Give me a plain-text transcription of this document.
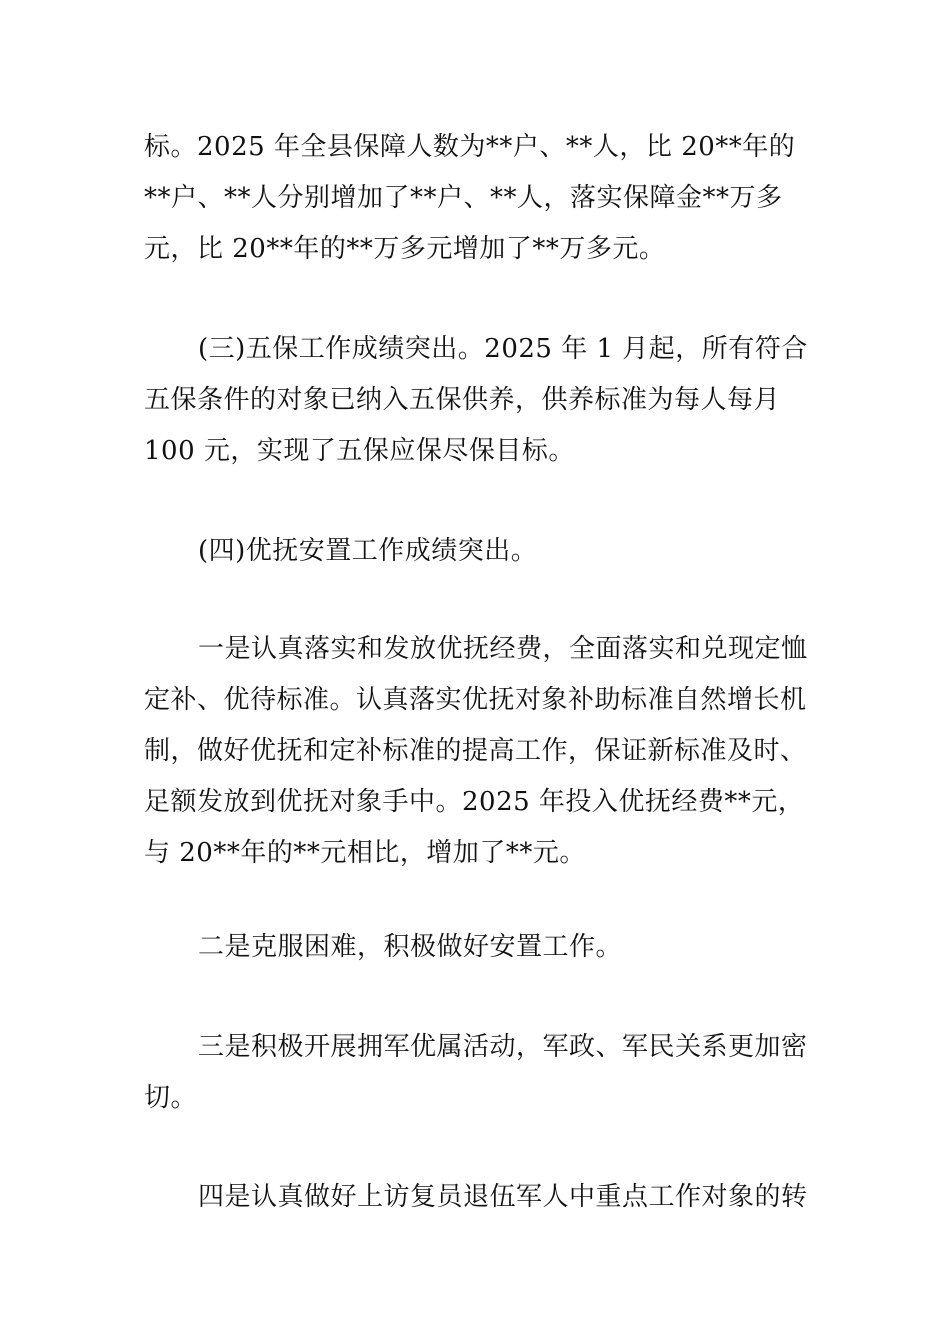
标。2025 年全县保障人数为**户、**人，比 20**年的**户、**人分别增加了**户、**人，落实保障金**万多元，比 20**年的**万多元增加了**万多元。

(三)五保工作成绩突出。2025 年 1 月起，所有符合五保条件的对象已纳入五保供养，供养标准为每人每月 100 元，实现了五保应保尽保目标。

(四)优抚安置工作成绩突出。

一是认真落实和发放优抚经费，全面落实和兑现定恤定补、优待标准。认真落实优抚对象补助标准自然增长机制，做好优抚和定补标准的提高工作，保证新标准及时、足额发放到优抚对象手中。2025 年投入优抚经费**元，与 20**年的**元相比，增加了**元。

二是克服困难，积极做好安置工作。

三是积极开展拥军优属活动，军政、军民关系更加密切。

四是认真做好上访复员退伍军人中重点工作对象的转
